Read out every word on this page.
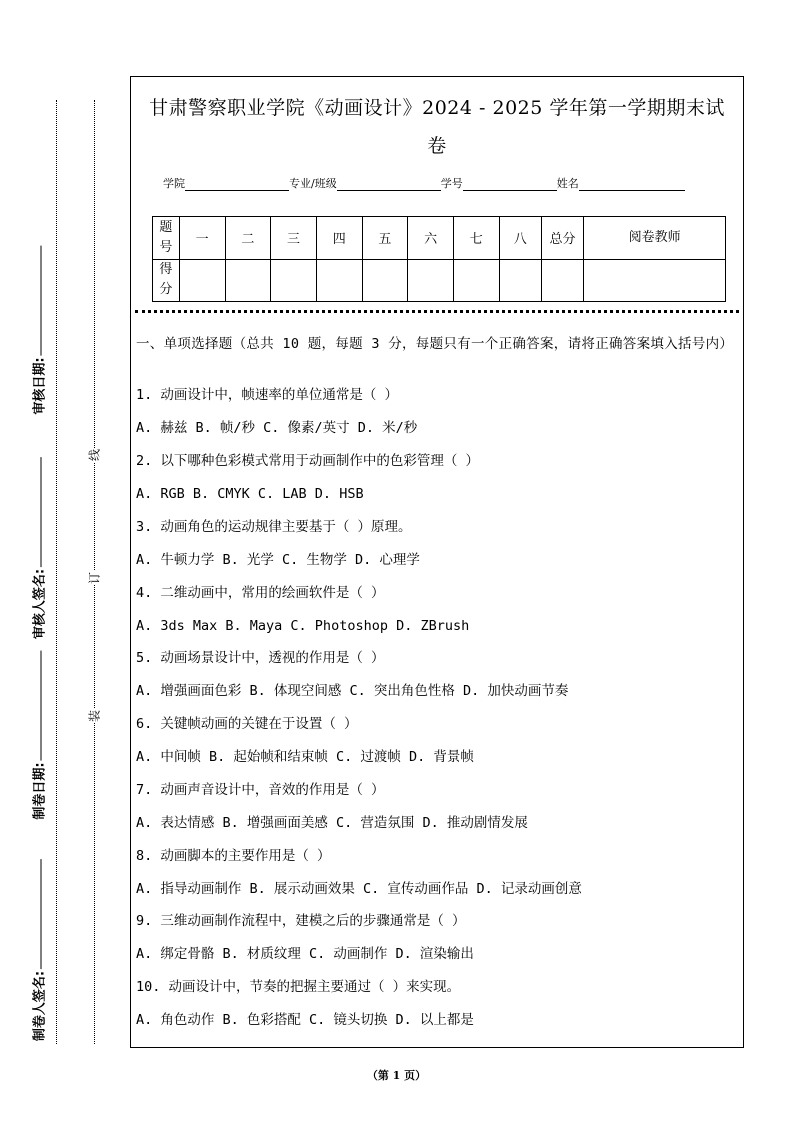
审核日期:
审核人签名:
制卷日期:
制卷人签名:
线
订
装
甘肃警察职业学院《动画设计》2024 - 2025 学年第一学期期末试
卷
学院	专业/班级	学号	姓名
题号	一	二	三	四	五	六	七	八	总分	阅卷教师
得分										
一、单项选择题（总共 10 题，每题 3 分，每题只有一个正确答案，请将正确答案填入括号内）
1. 动画设计中，帧速率的单位通常是（ ）
A. 赫兹 B. 帧/秒 C. 像素/英寸 D. 米/秒
2. 以下哪种色彩模式常用于动画制作中的色彩管理（ ）
A. RGB B. CMYK C. LAB D. HSB
3. 动画角色的运动规律主要基于（ ）原理。
A. 牛顿力学 B. 光学 C. 生物学 D. 心理学
4. 二维动画中，常用的绘画软件是（ ）
A. 3ds Max B. Maya C. Photoshop D. ZBrush
5. 动画场景设计中，透视的作用是（ ）
A. 增强画面色彩 B. 体现空间感 C. 突出角色性格 D. 加快动画节奏
6. 关键帧动画的关键在于设置（ ）
A. 中间帧 B. 起始帧和结束帧 C. 过渡帧 D. 背景帧
7. 动画声音设计中，音效的作用是（ ）
A. 表达情感 B. 增强画面美感 C. 营造氛围 D. 推动剧情发展
8. 动画脚本的主要作用是（ ）
A. 指导动画制作 B. 展示动画效果 C. 宣传动画作品 D. 记录动画创意
9. 三维动画制作流程中，建模之后的步骤通常是（ ）
A. 绑定骨骼 B. 材质纹理 C. 动画制作 D. 渲染输出
10. 动画设计中，节奏的把握主要通过（ ）来实现。
A. 角色动作 B. 色彩搭配 C. 镜头切换 D. 以上都是
（第 1 页）
